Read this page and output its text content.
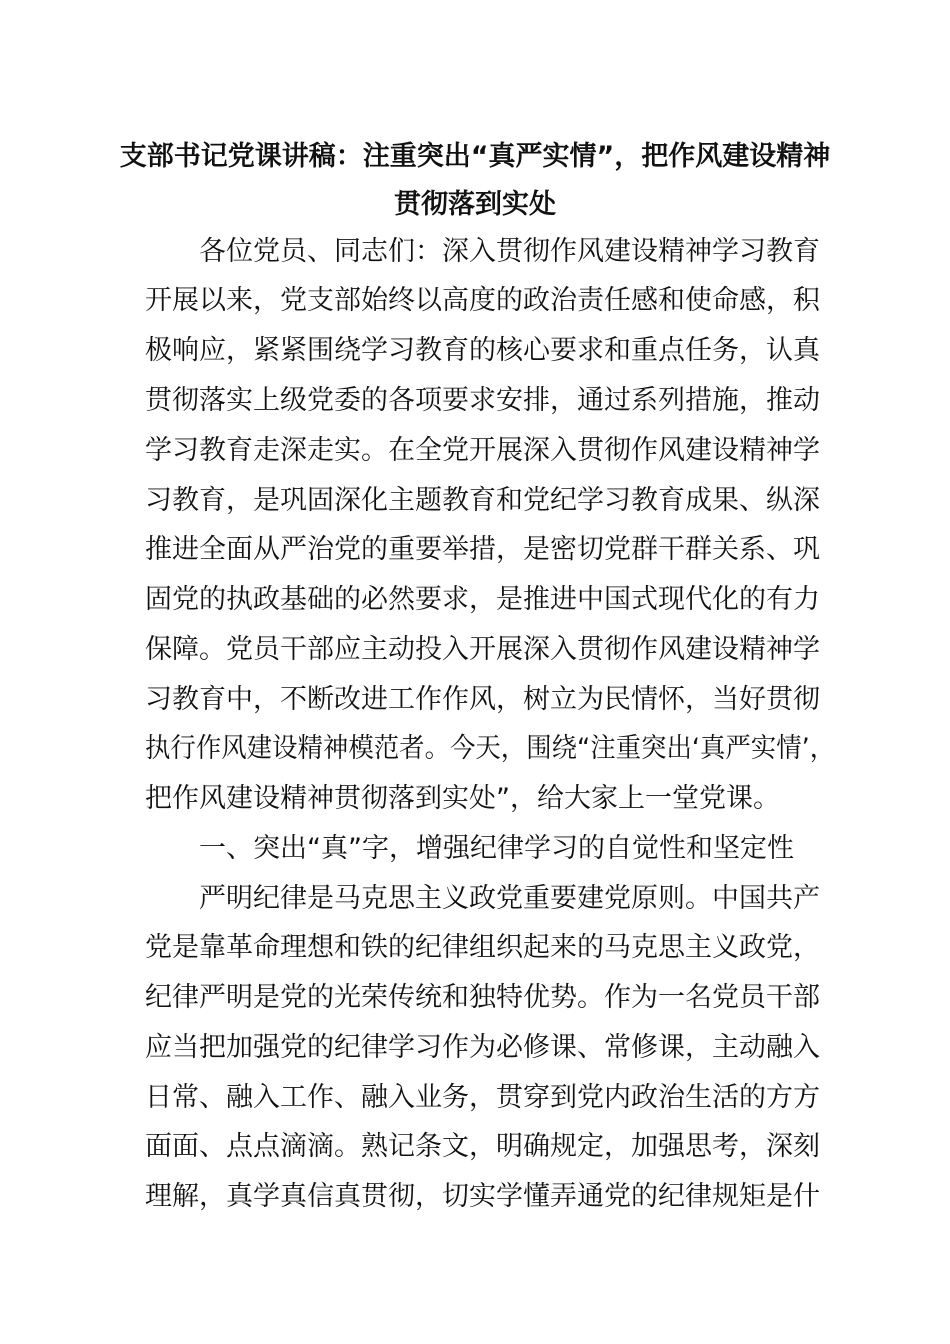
支部书记党课讲稿：注重突出“真严实情”，把作风建设精神
贯彻落到实处
　　各位党员、同志们：深入贯彻作风建设精神学习教育
开展以来，党支部始终以高度的政治责任感和使命感，积
极响应，紧紧围绕学习教育的核心要求和重点任务，认真
贯彻落实上级党委的各项要求安排，通过系列措施，推动
学习教育走深走实。在全党开展深入贯彻作风建设精神学
习教育，是巩固深化主题教育和党纪学习教育成果、纵深
推进全面从严治党的重要举措，是密切党群干群关系、巩
固党的执政基础的必然要求，是推进中国式现代化的有力
保障。党员干部应主动投入开展深入贯彻作风建设精神学
习教育中，不断改进工作作风，树立为民情怀，当好贯彻
执行作风建设精神模范者。今天，围绕“注重突出‘真严实情’，
把作风建设精神贯彻落到实处”，给大家上一堂党课。
　　一、突出“真”字，增强纪律学习的自觉性和坚定性
　　严明纪律是马克思主义政党重要建党原则。中国共产
党是靠革命理想和铁的纪律组织起来的马克思主义政党，
纪律严明是党的光荣传统和独特优势。作为一名党员干部
应当把加强党的纪律学习作为必修课、常修课，主动融入
日常、融入工作、融入业务，贯穿到党内政治生活的方方
面面、点点滴滴。熟记条文，明确规定，加强思考，深刻
理解，真学真信真贯彻，切实学懂弄通党的纪律规矩是什
